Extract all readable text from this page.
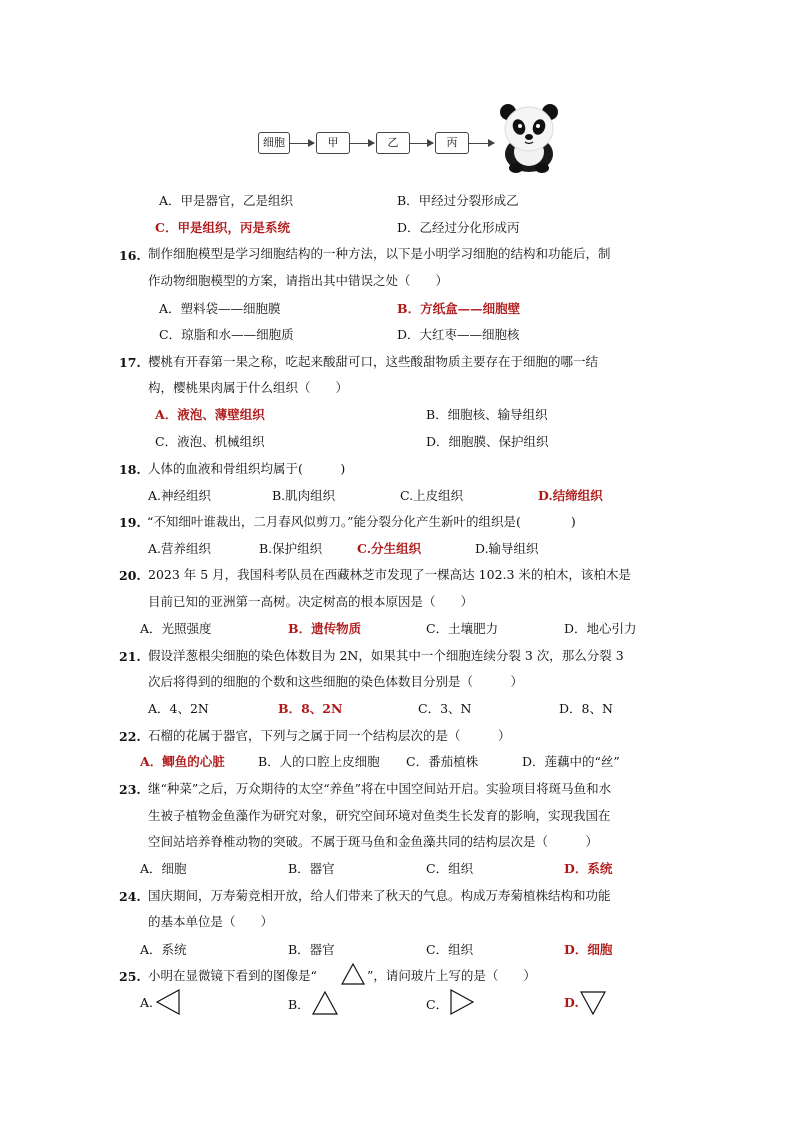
细胞	甲	乙	丙
A．甲是器官，乙是组织	B．甲经过分裂形成乙
C．甲是组织，丙是系统	D．乙经过分化形成丙
16. 制作细胞模型是学习细胞结构的一种方法，以下是小明学习细胞的结构和功能后，制
作动物细胞模型的方案，请指出其中错误之处（　　）
A．塑料袋——细胞膜	B．方纸盒——细胞壁
C．琼脂和水——细胞质	D．大红枣——细胞核
17. 樱桃有开春第一果之称，吃起来酸甜可口，这些酸甜物质主要存在于细胞的哪一结
构，樱桃果肉属于什么组织（　　）
A．液泡、薄壁组织	B．细胞核、输导组织
C．液泡、机械组织	D．细胞膜、保护组织
18. 人体的血液和骨组织均属于(　　　)
A.神经组织	B.肌肉组织	C.上皮组织	D.结缔组织
19. “不知细叶谁裁出，二月春风似剪刀。”能分裂分化产生新叶的组织是(　　　　)
A.营养组织	B.保护组织	C.分生组织	D.输导组织
20. 2023 年 5 月，我国科考队员在西藏林芝市发现了一棵高达 102.3 米的柏木，该柏木是
目前已知的亚洲第一高树。决定树高的根本原因是（　　）
A．光照强度	B．遗传物质	C．土壤肥力	D．地心引力
21. 假设洋葱根尖细胞的染色体数目为 2N，如果其中一个细胞连续分裂 3 次，那么分裂 3
次后将得到的细胞的个数和这些细胞的染色体数目分别是（　　　）
A．4、2N	B．8、2N	C．3、N	D．8、N
22. 石榴的花属于器官，下列与之属于同一个结构层次的是（　　　）
A．鲫鱼的心脏	B．人的口腔上皮细胞 C．番茄植株	D．莲藕中的“丝”
23. 继“种菜”之后，万众期待的太空“养鱼”将在中国空间站开启。实验项目将斑马鱼和水
生被子植物金鱼藻作为研究对象，研究空间环境对鱼类生长发育的影响，实现我国在
空间站培养脊椎动物的突破。不属于斑马鱼和金鱼藻共同的结构层次是（　　　）
A．细胞	B．器官	C．组织	D．系统
24. 国庆期间，万寿菊竞相开放，给人们带来了秋天的气息。构成万寿菊植株结构和功能
的基本单位是（　　）
A．系统	B．器官	C．组织	D．细胞
25. 小明在显微镜下看到的图像是“	”，请问玻片上写的是（　　）
A.	B．	C．	D.
